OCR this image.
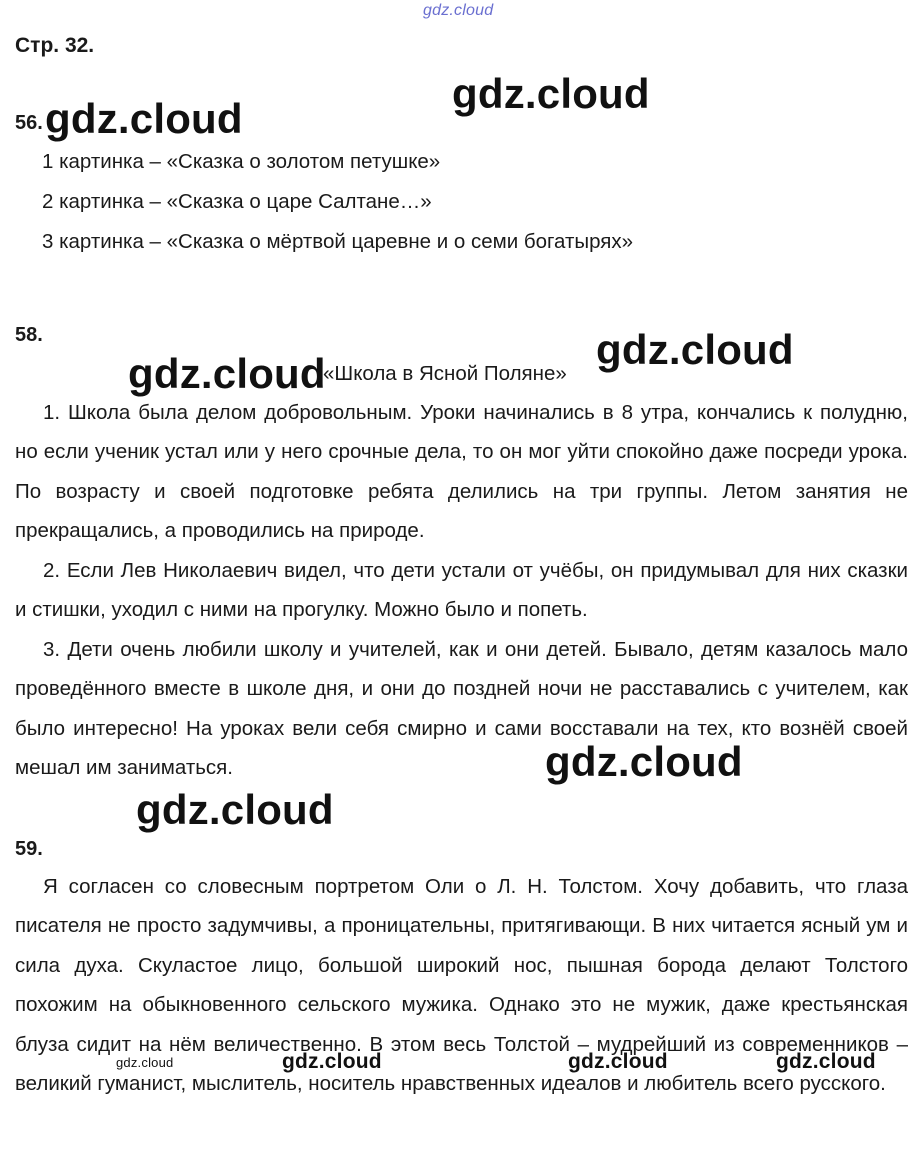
gdz.cloud
Стр. 32.
56.
1 картинка – «Сказка о золотом петушке»
2 картинка – «Сказка о царе Салтане…»
3 картинка – «Сказка о мёртвой царевне и о семи богатырях»
58.
«Школа в Ясной Поляне»

1. Школа была делом добровольным. Уроки начинались в 8 утра, кончались к полудню, но если ученик устал или у него срочные дела, то он мог уйти спокойно даже посреди урока. По возрасту и своей подготовке ребята делились на три группы. Летом занятия не прекращались, а проводились на природе.

2. Если Лев Николаевич видел, что дети устали от учёбы, он придумывал для них сказки и стишки, уходил с ними на прогулку. Можно было и попеть.

3. Дети очень любили школу и учителей, как и они детей. Бывало, детям казалось мало проведённого вместе в школе дня, и они до поздней ночи не расставались с учителем, как было интересно! На уроках вели себя смирно и сами восставали на тех, кто вознёй своей мешал им заниматься.

59.

Я согласен со словесным портретом Оли о Л. Н. Толстом. Хочу добавить, что глаза писателя не просто задумчивы, а проницательны, притягивающи. В них читается ясный ум и сила духа. Скуластое лицо, большой широкий нос, пышная борода делают Толстого похожим на обыкновенного сельского мужика. Однако это не мужик, даже крестьянская блуза сидит на нём величественно. В этом весь Толстой – мудрейший из современников – великий гуманист, мыслитель, носитель нравственных идеалов и любитель всего русского.

gdz.cloud
gdz.cloud
gdz.cloud
gdz.cloud
gdz.cloud
gdz.cloud
gdz.cloud	gdz.cloud	gdz.cloud	gdz.cloud
